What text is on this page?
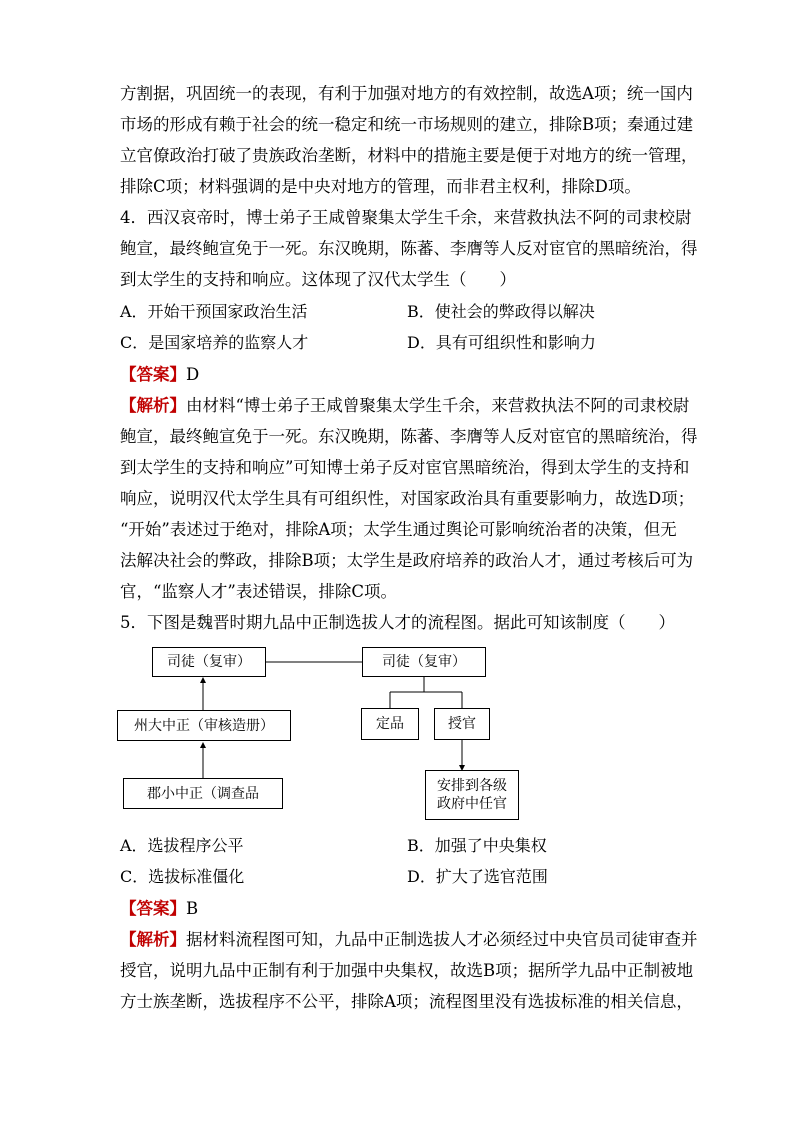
方割据，巩固统一的表现，有利于加强对地方的有效控制，故选A项；统一国内
市场的形成有赖于社会的统一稳定和统一市场规则的建立，排除B项；秦通过建
立官僚政治打破了贵族政治垄断，材料中的措施主要是便于对地方的统一管理，
排除C项；材料强调的是中央对地方的管理，而非君主权利，排除D项。
4．西汉哀帝时，博士弟子王咸曾聚集太学生千余，来营救执法不阿的司隶校尉
鲍宣，最终鲍宣免于一死。东汉晚期，陈蕃、李膺等人反对宦官的黑暗统治，得
到太学生的支持和响应。这体现了汉代太学生（　　）
A．开始干预国家政治生活	B．使社会的弊政得以解决
C．是国家培养的监察人才	D．具有可组织性和影响力
【答案】D
【解析】由材料“博士弟子王咸曾聚集太学生千余，来营救执法不阿的司隶校尉
鲍宣，最终鲍宣免于一死。东汉晚期，陈蕃、李膺等人反对宦官的黑暗统治，得
到太学生的支持和响应”可知博士弟子反对宦官黑暗统治，得到太学生的支持和
响应，说明汉代太学生具有可组织性，对国家政治具有重要影响力，故选D项；
“开始”表述过于绝对，排除A项；太学生通过舆论可影响统治者的决策，但无
法解决社会的弊政，排除B项；太学生是政府培养的政治人才，通过考核后可为
官，“监察人才”表述错误，排除C项。
5．下图是魏晋时期九品中正制选拔人才的流程图。据此可知该制度（　　）
司徒（复审）	司徒（复审）
州大中正（审核造册）
郡小中正（调查品
定品	授官
安排到各级
政府中任官
A．选拔程序公平	B．加强了中央集权
C．选拔标准僵化	D．扩大了选官范围
【答案】B
【解析】据材料流程图可知，九品中正制选拔人才必须经过中央官员司徒审查并
授官，说明九品中正制有利于加强中央集权，故选B项；据所学九品中正制被地
方士族垄断，选拔程序不公平，排除A项；流程图里没有选拔标准的相关信息，
